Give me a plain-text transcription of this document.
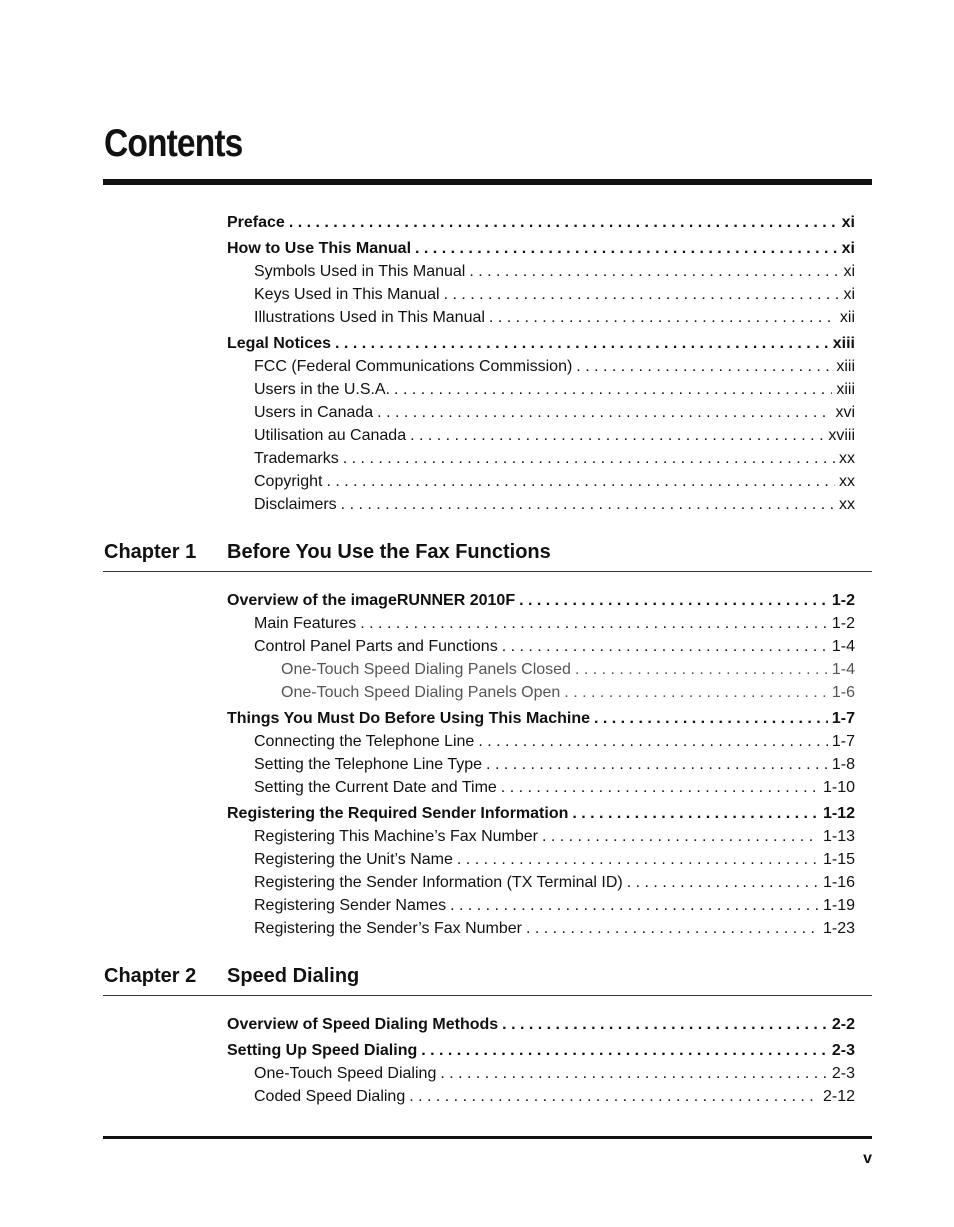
Contents
Preface . . .	xi
How to Use This Manual . . .	xi
Symbols Used in This Manual . . .	xi
Keys Used in This Manual . . .	xi
Illustrations Used in This Manual . . .	xii
Legal Notices . . .	xiii
FCC (Federal Communications Commission) . . .	xiii
Users in the U.S.A. . . .	xiii
Users in Canada . . .	xvi
Utilisation au Canada . . .	xviii
Trademarks . . .	xx
Copyright . . .	xx
Disclaimers . . .	xx
Chapter 1	Before You Use the Fax Functions
Overview of the imageRUNNER 2010F . . .	1-2
Main Features . . .	1-2
Control Panel Parts and Functions . . .	1-4
One-Touch Speed Dialing Panels Closed . . .	1-4
One-Touch Speed Dialing Panels Open . . .	1-6
Things You Must Do Before Using This Machine . . .	1-7
Connecting the Telephone Line . . .	1-7
Setting the Telephone Line Type . . .	1-8
Setting the Current Date and Time . . .	1-10
Registering the Required Sender Information . . .	1-12
Registering This Machine’s Fax Number . . .	1-13
Registering the Unit’s Name . . .	1-15
Registering the Sender Information (TX Terminal ID) . . .	1-16
Registering Sender Names . . .	1-19
Registering the Sender’s Fax Number . . .	1-23
Chapter 2	Speed Dialing
Overview of Speed Dialing Methods . . .	2-2
Setting Up Speed Dialing . . .	2-3
One-Touch Speed Dialing . . .	2-3
Coded Speed Dialing . . .	2-12
v
